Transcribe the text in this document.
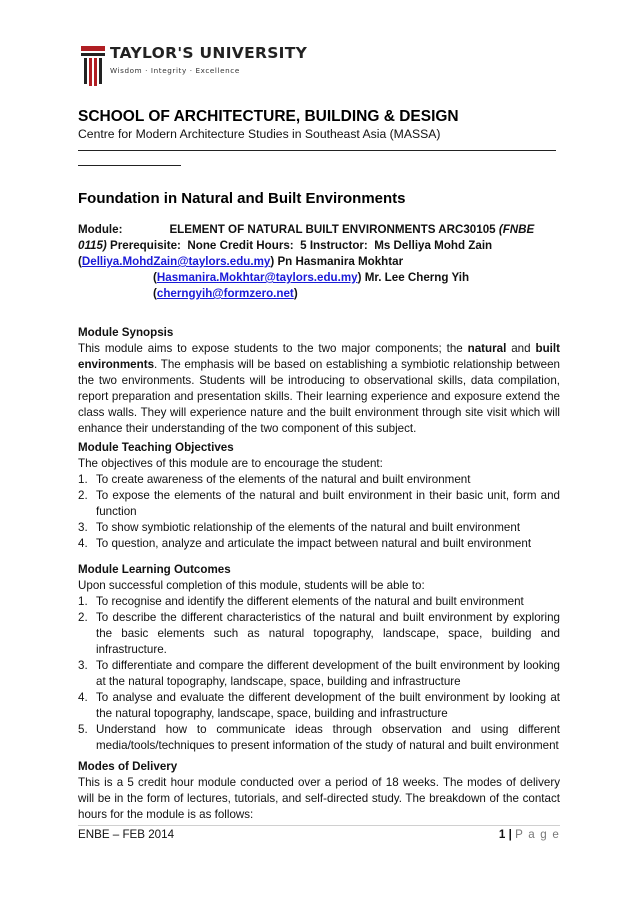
TAYLOR'S UNIVERSITY
Wisdom · Integrity · Excellence
SCHOOL OF ARCHITECTURE, BUILDING & DESIGN
Centre for Modern Architecture Studies in Southeast Asia (MASSA)
Foundation in Natural and Built Environments
Module:	ELEMENT OF NATURAL BUILT ENVIRONMENTS ARC30105 (FNBE
0115) Prerequisite: None Credit Hours: 5 Instructor: Ms Delliya Mohd Zain
(Delliya.MohdZain@taylors.edu.my) Pn Hasmanira Mokhtar
(Hasmanira.Mokhtar@taylors.edu.my) Mr. Lee Cherng Yih
(cherngyih@formzero.net)
Module Synopsis
This module aims to expose students to the two major components; the natural and built
environments. The emphasis will be based on establishing a symbiotic relationship between
the two environments. Students will be introducing to observational skills, data compilation,
report preparation and presentation skills. Their learning experience and exposure extend the
class walls. They will experience nature and the built environment through site visit which will
enhance their understanding of the two component of this subject.
Module Teaching Objectives
The objectives of this module are to encourage the student:
1. To create awareness of the elements of the natural and built environment
2. To expose the elements of the natural and built environment in their basic unit, form and
function
3. To show symbiotic relationship of the elements of the natural and built environment
4. To question, analyze and articulate the impact between natural and built environment
Module Learning Outcomes
Upon successful completion of this module, students will be able to:
1. To recognise and identify the different elements of the natural and built environment
2. To describe the different characteristics of the natural and built environment by exploring
the basic elements such as natural topography, landscape, space, building and
infrastructure.
3. To differentiate and compare the different development of the built environment by looking
at the natural topography, landscape, space, building and infrastructure
4. To analyse and evaluate the different development of the built environment by looking at
the natural topography, landscape, space, building and infrastructure
5. Understand how to communicate ideas through observation and using different
media/tools/techniques to present information of the study of natural and built environment
Modes of Delivery
This is a 5 credit hour module conducted over a period of 18 weeks. The modes of delivery
will be in the form of lectures, tutorials, and self-directed study. The breakdown of the contact
hours for the module is as follows:
ENBE – FEB 2014	1 | P a g e
